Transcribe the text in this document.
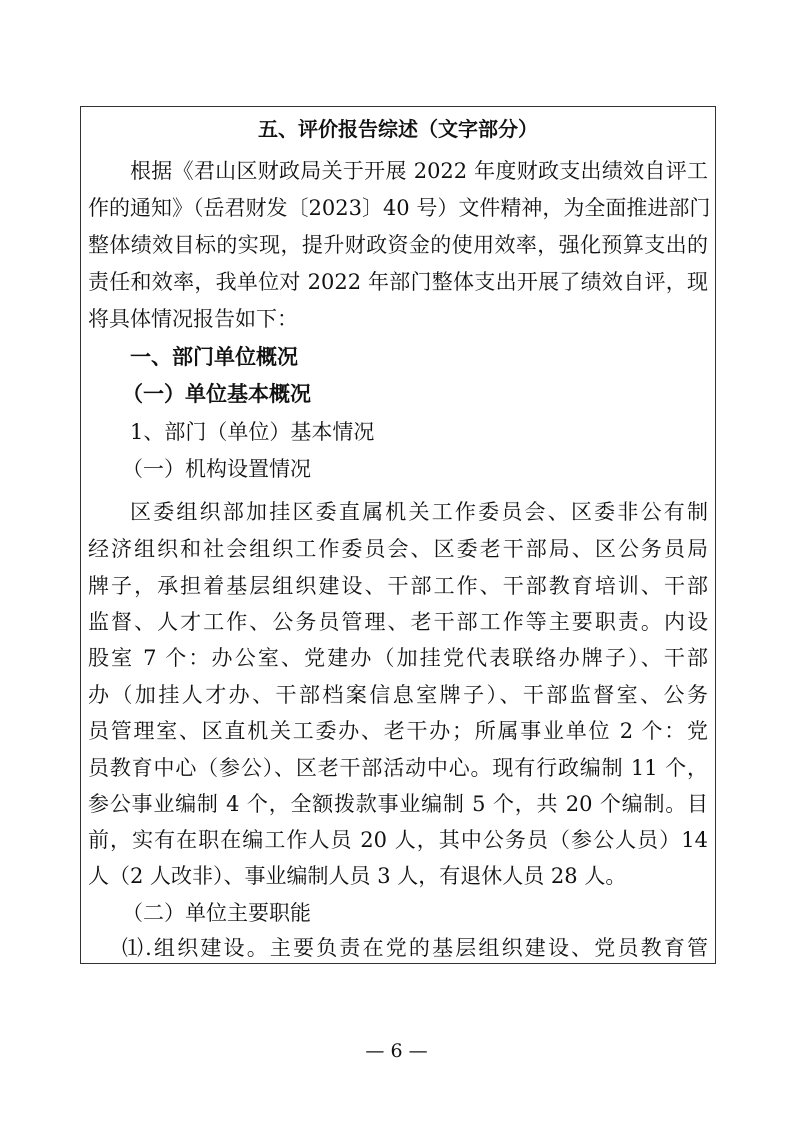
五、评价报告综述（文字部分）
根据《君山区财政局关于开展 2022 年度财政支出绩效自评工
作的通知》（岳君财发〔2023〕40 号）文件精神，为全面推进部门
整体绩效目标的实现，提升财政资金的使用效率，强化预算支出的
责任和效率，我单位对 2022 年部门整体支出开展了绩效自评，现
将具体情况报告如下：
一、部门单位概况
（一）单位基本概况
1、部门（单位）基本情况
（一）机构设置情况
区委组织部加挂区委直属机关工作委员会、区委非公有制
经济组织和社会组织工作委员会、区委老干部局、区公务员局
牌子，承担着基层组织建设、干部工作、干部教育培训、干部
监督、人才工作、公务员管理、老干部工作等主要职责。内设
股室 7 个：办公室、党建办（加挂党代表联络办牌子）、干部
办（加挂人才办、干部档案信息室牌子）、干部监督室、公务
员管理室、区直机关工委办、老干办；所属事业单位 2 个：党
员教育中心（参公）、区老干部活动中心。现有行政编制 11 个，
参公事业编制 4 个，全额拨款事业编制 5 个，共 20 个编制。目
前，实有在职在编工作人员 20 人，其中公务员（参公人员）14
人（2 人改非）、事业编制人员 3 人，有退休人员 28 人。
（二）单位主要职能
⑴.组织建设。主要负责在党的基层组织建设、党员教育管
— 6 —
